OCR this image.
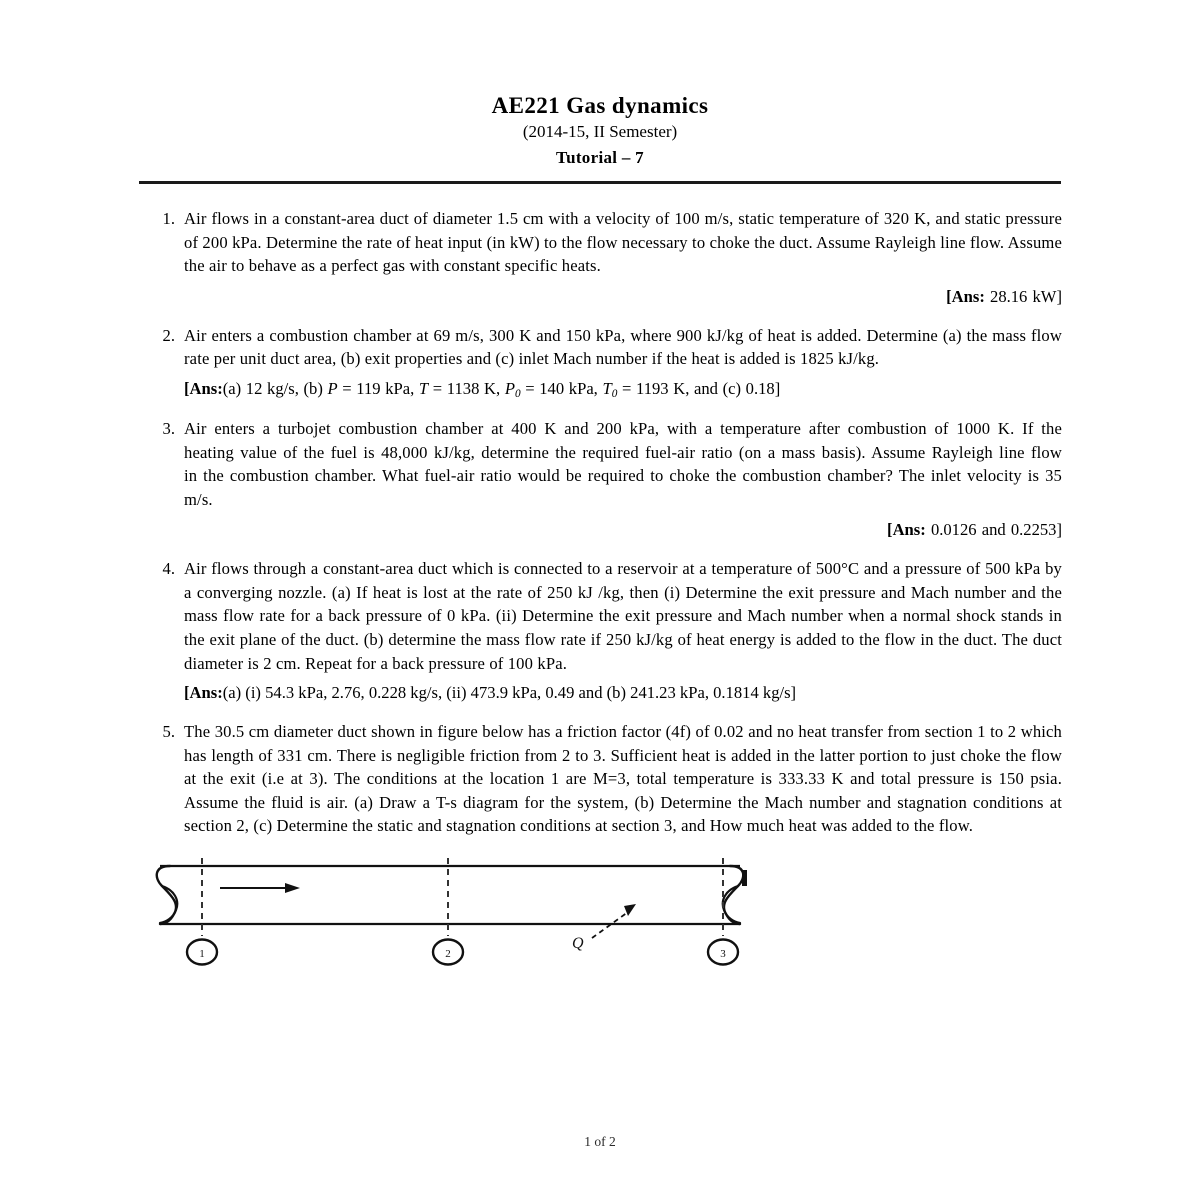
AE221 Gas dynamics
(2014-15, II Semester)
Tutorial – 7
1. Air flows in a constant-area duct of diameter 1.5 cm with a velocity of 100 m/s, static temperature of 320 K, and static pressure of 200 kPa. Determine the rate of heat input (in kW) to the flow necessary to choke the duct. Assume Rayleigh line flow. Assume the air to behave as a perfect gas with constant specific heats.
[Ans: 28.16 kW]
2. Air enters a combustion chamber at 69 m/s, 300 K and 150 kPa, where 900 kJ/kg of heat is added. Determine (a) the mass flow rate per unit duct area, (b) exit properties and (c) inlet Mach number if the heat is added is 1825 kJ/kg.
[Ans:(a) 12 kg/s, (b) P = 119 kPa, T = 1138 K, $P_0 = 140$ kPa, $T_0 = 1193$ K, and (c) 0.18]
3. Air enters a turbojet combustion chamber at 400 K and 200 kPa, with a temperature after combustion of 1000 K. If the heating value of the fuel is 48,000 kJ/kg, determine the required fuel-air ratio (on a mass basis). Assume Rayleigh line flow in the combustion chamber. What fuel-air ratio would be required to choke the combustion chamber? The inlet velocity is 35 m/s.
[Ans: 0.0126 and 0.2253]
4. Air flows through a constant-area duct which is connected to a reservoir at a temperature of 500°C and a pressure of 500 kPa by a converging nozzle. (a) If heat is lost at the rate of 250 kJ /kg, then (i) Determine the exit pressure and Mach number and the mass flow rate for a back pressure of 0 kPa. (ii) Determine the exit pressure and Mach number when a normal shock stands in the exit plane of the duct. (b) determine the mass flow rate if 250 kJ/kg of heat energy is added to the flow in the duct. The duct diameter is 2 cm. Repeat for a back pressure of 100 kPa.
[Ans:(a) (i) 54.3 kPa, 2.76, 0.228 kg/s, (ii) 473.9 kPa, 0.49 and (b) 241.23 kPa, 0.1814 kg/s]
5. The 30.5 cm diameter duct shown in figure below has a friction factor (4f) of 0.02 and no heat transfer from section 1 to 2 which has length of 331 cm. There is negligible friction from 2 to 3. Sufficient heat is added in the latter portion to just choke the flow at the exit (i.e at 3). The conditions at the location 1 are M=3, total temperature is 333.33 K and total pressure is 150 psia. Assume the fluid is air. (a) Draw a T-s diagram for the system, (b) Determine the Mach number and stagnation conditions at section 2, (c) Determine the static and stagnation conditions at section 3, and How much heat was added to the flow.
Q
1	2	3
1 of 2
